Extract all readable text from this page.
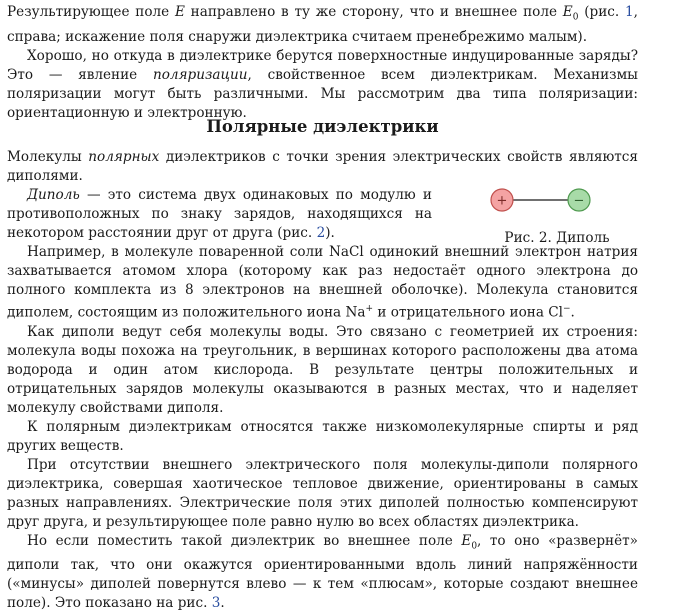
Результирующее поле E направлено в ту же сторону, что и внешнее поле $E_0$ (рис. 1, справа; искажение поля снаружи диэлектрика считаем пренебрежимо малым).

Хорошо, но откуда в диэлектрике берутся поверхностные индуцированные заряды? Это — явление поляризации, свойственное всем диэлектрикам. Механизмы поляризации могут быть различными. Мы рассмотрим два типа поляризации: ориентационную и электронную.

Полярные диэлектрики

Молекулы полярных диэлектриков с точки зрения электрических свойств являются диполями.

Диполь — это система двух одинаковых по модулю и противоположных по знаку зарядов, находящихся на некотором расстоянии друг от друга (рис. 2).

Например, в молекуле поваренной соли NaCl одинокий внешний электрон натрия захватывается атомом хлора (которому как раз недостаёт одного электрона до полного комплекта из 8 электронов на внешней оболочке). Молекула становится диполем, состоящим из положительного иона Na+ и отрицательного иона Cl−.

Как диполи ведут себя молекулы воды. Это связано с геометрией их строения: молекула воды похожа на треугольник, в вершинах которого расположены два атома водорода и один атом кислорода. В результате центры положительных и отрицательных зарядов молекулы оказываются в разных местах, что и наделяет молекулу свойствами диполя.

К полярным диэлектрикам относятся также низкомолекулярные спирты и ряд других веществ.

При отсутствии внешнего электрического поля молекулы-диполи полярного диэлектрика, совершая хаотическое тепловое движение, ориентированы в самых разных направлениях. Электрические поля этих диполей полностью компенсируют друг друга, и результирующее поле равно нулю во всех областях диэлектрика.

Но если поместить такой диэлектрик во внешнее поле $E_0$, то оно «развернёт» диполи так, что они окажутся ориентированными вдоль линий напряжённости («минусы» диполей повернутся влево — к тем «плюсам», которые создают внешнее поле). Это показано на рис. 3.

+	−
Рис. 2. Диполь
